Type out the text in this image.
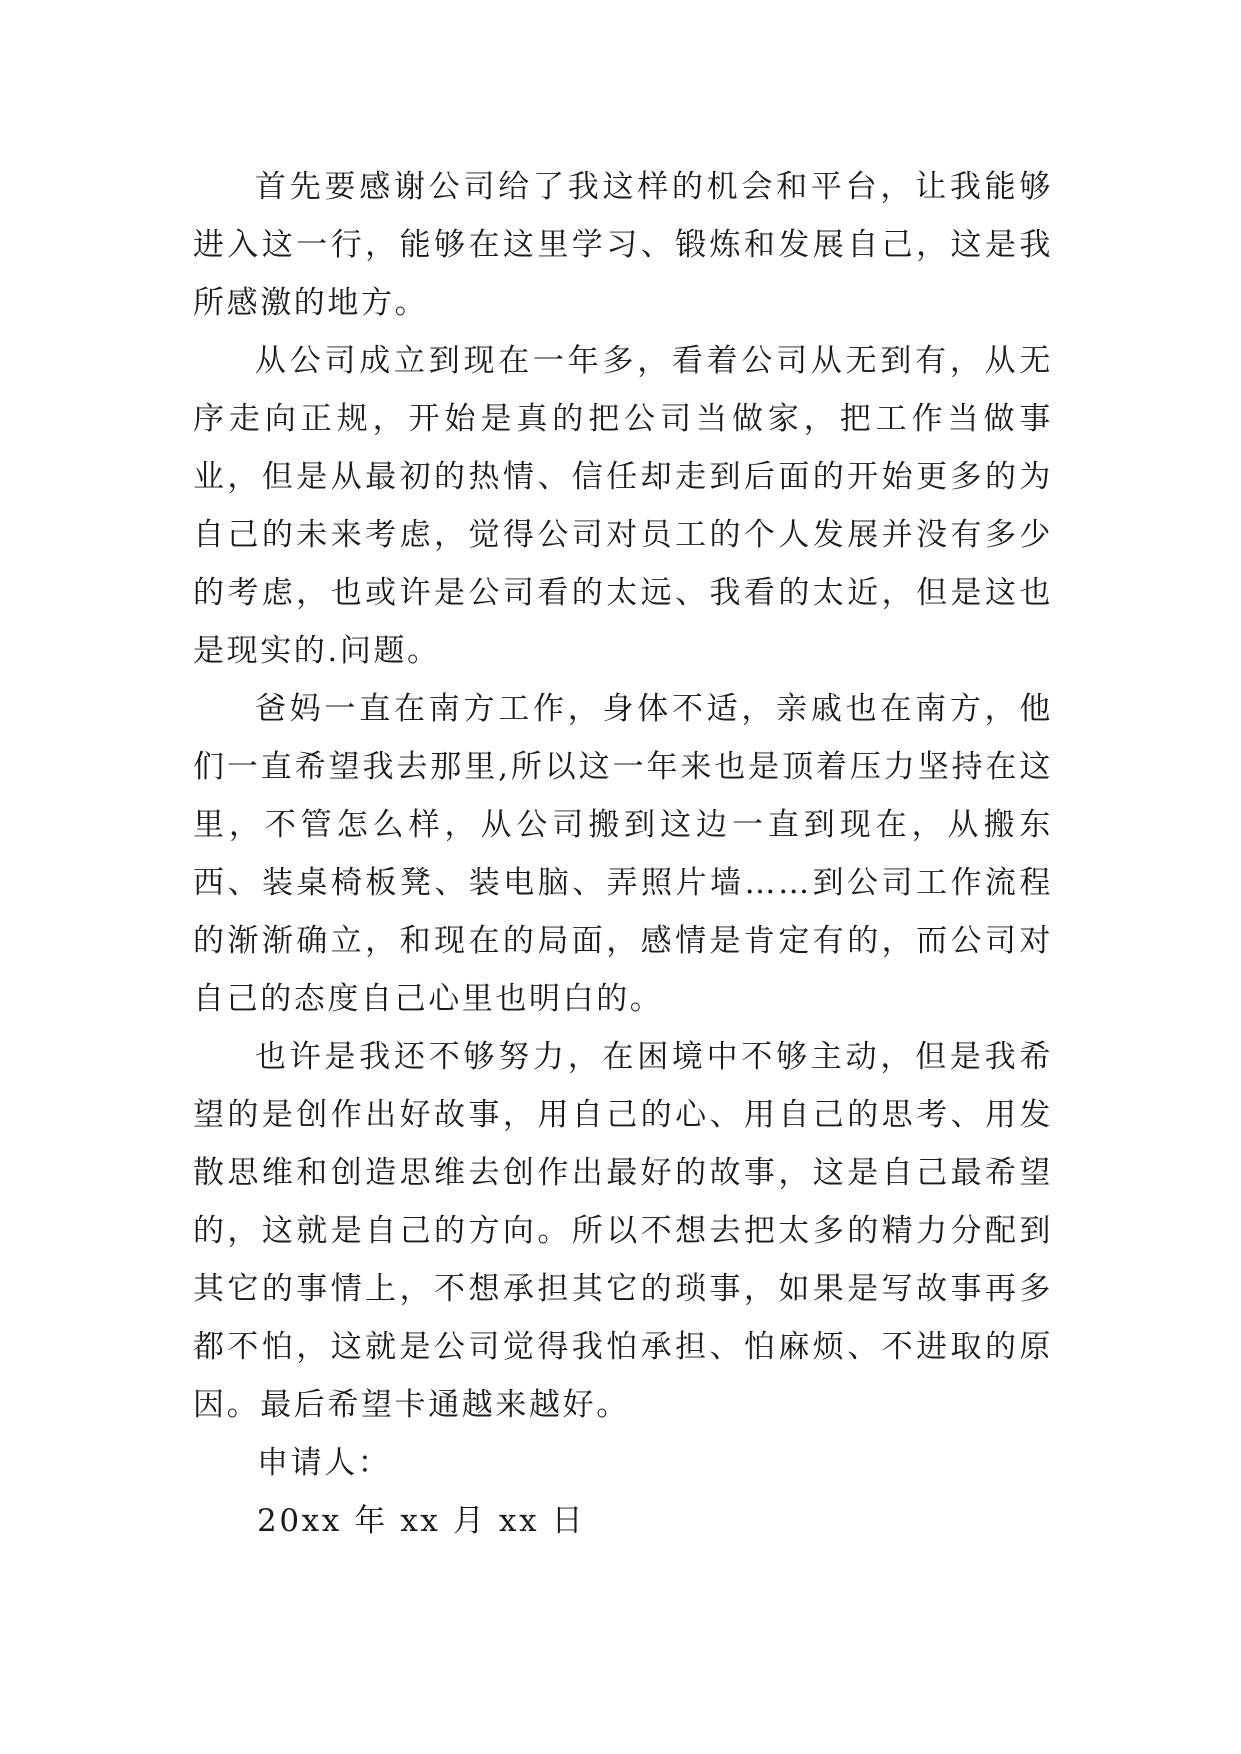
首先要感谢公司给了我这样的机会和平台，让我能够进入这一行，能够在这里学习、锻炼和发展自己，这是我所感激的地方。

从公司成立到现在一年多，看着公司从无到有，从无序走向正规，开始是真的把公司当做家，把工作当做事业，但是从最初的热情、信任却走到后面的开始更多的为自己的未来考虑，觉得公司对员工的个人发展并没有多少的考虑，也或许是公司看的太远、我看的太近，但是这也是现实的.问题。

爸妈一直在南方工作，身体不适，亲戚也在南方，他们一直希望我去那里,所以这一年来也是顶着压力坚持在这里，不管怎么样，从公司搬到这边一直到现在，从搬东西、装桌椅板凳、装电脑、弄照片墙……到公司工作流程的渐渐确立，和现在的局面，感情是肯定有的，而公司对自己的态度自己心里也明白的。

也许是我还不够努力，在困境中不够主动，但是我希望的是创作出好故事，用自己的心、用自己的思考、用发散思维和创造思维去创作出最好的故事，这是自己最希望的，这就是自己的方向。所以不想去把太多的精力分配到其它的事情上，不想承担其它的琐事，如果是写故事再多都不怕，这就是公司觉得我怕承担、怕麻烦、不进取的原因。最后希望卡通越来越好。

申请人：

20xx 年 xx 月 xx 日
